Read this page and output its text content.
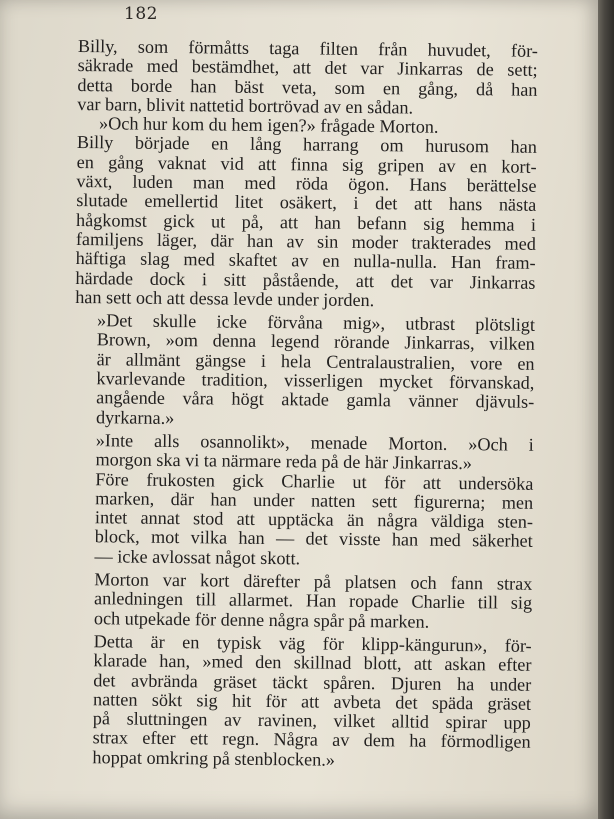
182

Billy, som förmåtts taga filten från huvudet, för-
säkrade med bestämdhet, att det var Jinkarras de sett;
detta borde han bäst veta, som en gång, då han
var barn, blivit nattetid bortrövad av en sådan.

»Och hur kom du hem igen?» frågade Morton.

Billy började en lång harrang om hurusom han
en gång vaknat vid att finna sig gripen av en kort-
växt, luden man med röda ögon. Hans berättelse
slutade emellertid litet osäkert, i det att hans nästa
hågkomst gick ut på, att han befann sig hemma i
familjens läger, där han av sin moder trakterades med
häftiga slag med skaftet av en nulla-nulla. Han fram-
härdade dock i sitt påstående, att det var Jinkarras
han sett och att dessa levde under jorden.

»Det skulle icke förvåna mig», utbrast plötsligt
Brown, »om denna legend rörande Jinkarras, vilken
är allmänt gängse i hela Centralaustralien, vore en
kvarlevande tradition, visserligen mycket förvanskad,
angående våra högt aktade gamla vänner djävuls-
dyrkarna.»

»Inte alls osannolikt», menade Morton. »Och i
morgon ska vi ta närmare reda på de här Jinkarras.»

Före frukosten gick Charlie ut för att undersöka
marken, där han under natten sett figurerna; men
intet annat stod att upptäcka än några väldiga sten-
block, mot vilka han — det visste han med säkerhet
— icke avlossat något skott.

Morton var kort därefter på platsen och fann strax
anledningen till allarmet. Han ropade Charlie till sig
och utpekade för denne några spår på marken.

Detta är en typisk väg för klipp-kängurun», för-
klarade han, »med den skillnad blott, att askan efter
det avbrända gräset täckt spåren. Djuren ha under
natten sökt sig hit för att avbeta det späda gräset
på sluttningen av ravinen, vilket alltid spirar upp
strax efter ett regn. Några av dem ha förmodligen
hoppat omkring på stenblocken.»
